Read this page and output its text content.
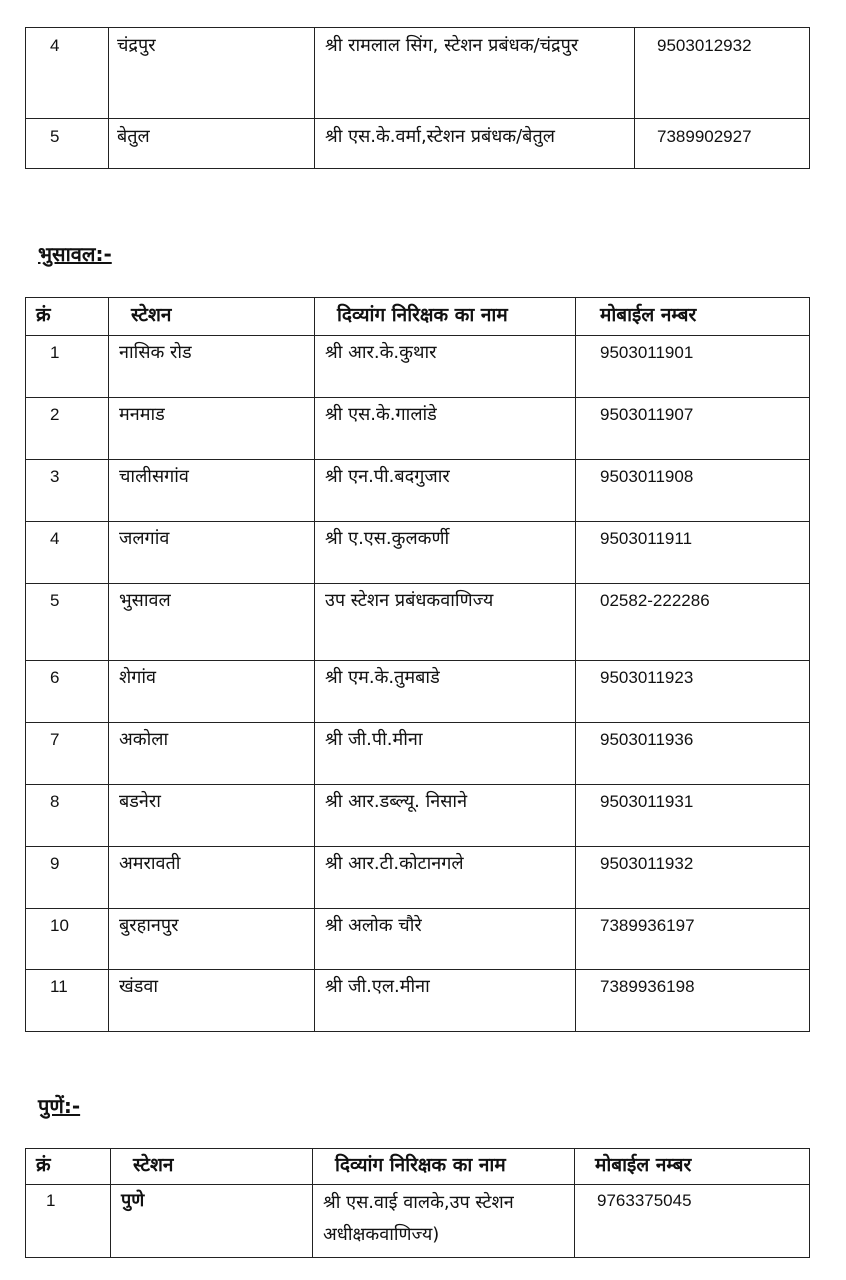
4	चंद्रपुर	श्री रामलाल सिंग, स्टेशन प्रबंधक/चंद्रपुर	9503012932
5	बेतुल	श्री एस.के.वर्मा,स्टेशन प्रबंधक/बेतुल	7389902927
भुसावल:-
क्रं	स्टेशन	दिव्यांग निरिक्षक का नाम	मोबाईल नम्बर
1	नासिक रोड	श्री आर.के.कुथार	9503011901
2	मनमाड	श्री एस.के.गालांडे	9503011907
3	चालीसगांव	श्री एन.पी.बदगुजार	9503011908
4	जलगांव	श्री ए.एस.कुलकर्णी	9503011911
5	भुसावल	उप स्टेशन प्रबंधकवाणिज्य	02582-222286
6	शेगांव	श्री एम.के.तुमबाडे	9503011923
7	अकोला	श्री जी.पी.मीना	9503011936
8	बडनेरा	श्री आर.डब्ल्यू. निसाने	9503011931
9	अमरावती	श्री आर.टी.कोटानगले	9503011932
10	बुरहानपुर	श्री अलोक चौरे	7389936197
11	खंडवा	श्री जी.एल.मीना	7389936198
पुणें:-
क्रं	स्टेशन	दिव्यांग निरिक्षक का नाम	मोबाईल नम्बर
1	पुणे	श्री एस.वाई वालके,उप स्टेशन अधीक्षकवाणिज्य)	9763375045
